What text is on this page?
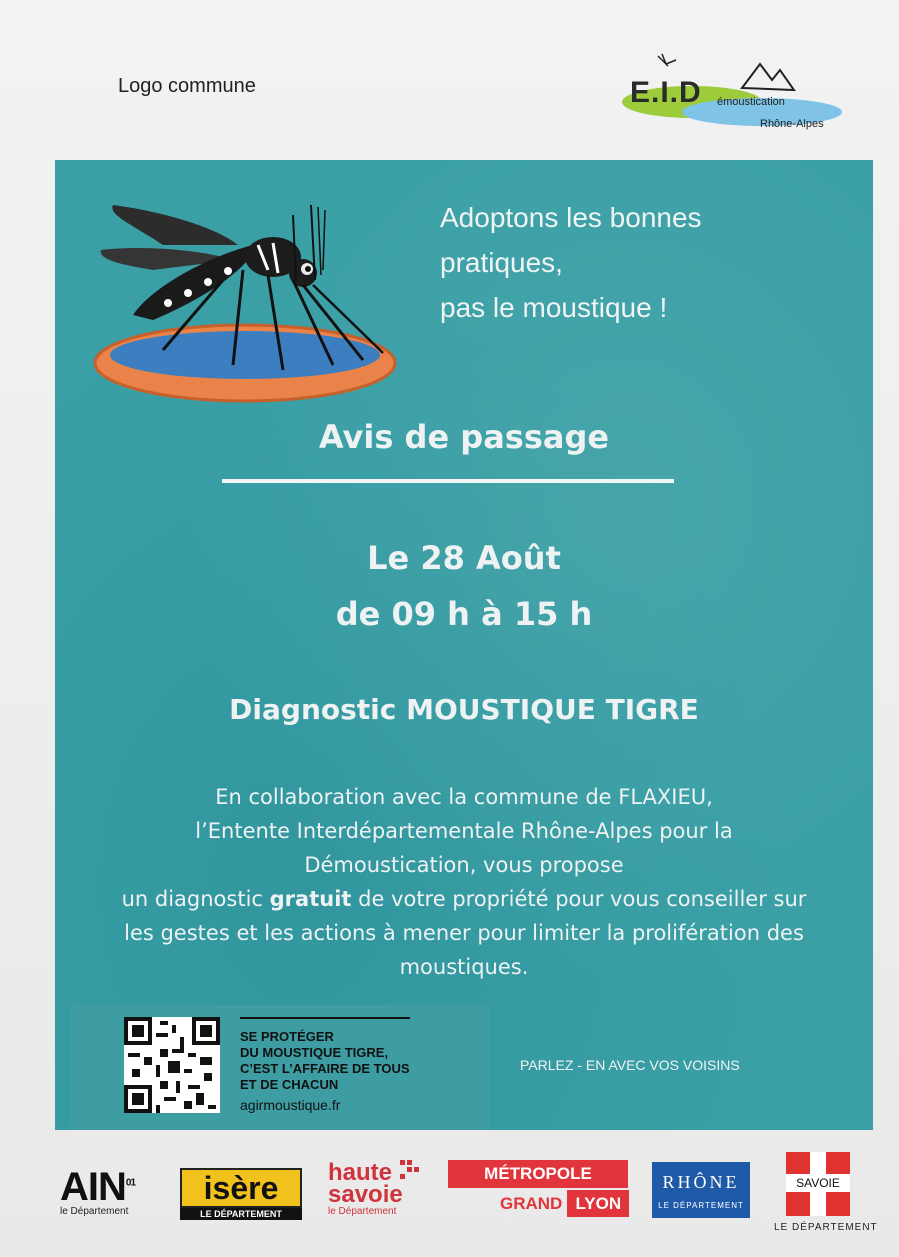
Logo commune	E.I.D émoustication
Rhône-Alpes
Adoptons les bonnes
pratiques,
pas le moustique !
Avis de passage
Le 28 Août
de 09 h à 15 h
Diagnostic MOUSTIQUE TIGRE
En collaboration avec la commune de FLAXIEU,
l’Entente Interdépartementale Rhône-Alpes pour la
Démoustication, vous propose
un diagnostic gratuit de votre propriété pour vous conseiller sur
les gestes et les actions à mener pour limiter la prolifération des
moustiques.
SE PROTÉGER
DU MOUSTIQUE TIGRE,
C’EST L’AFFAIRE DE TOUS
ET DE CHACUN
agirmoustique.fr
PARLEZ - EN AVEC VOS VOISINS
AIN$^{01}$
le Département
isère
LE DÉPARTEMENT
haute
savoie
le Département
MÉTROPOLE
GRAND LYON
RHÔNE
LE DÉPARTEMENT
SAVOIE
LE DÉPARTEMENT
